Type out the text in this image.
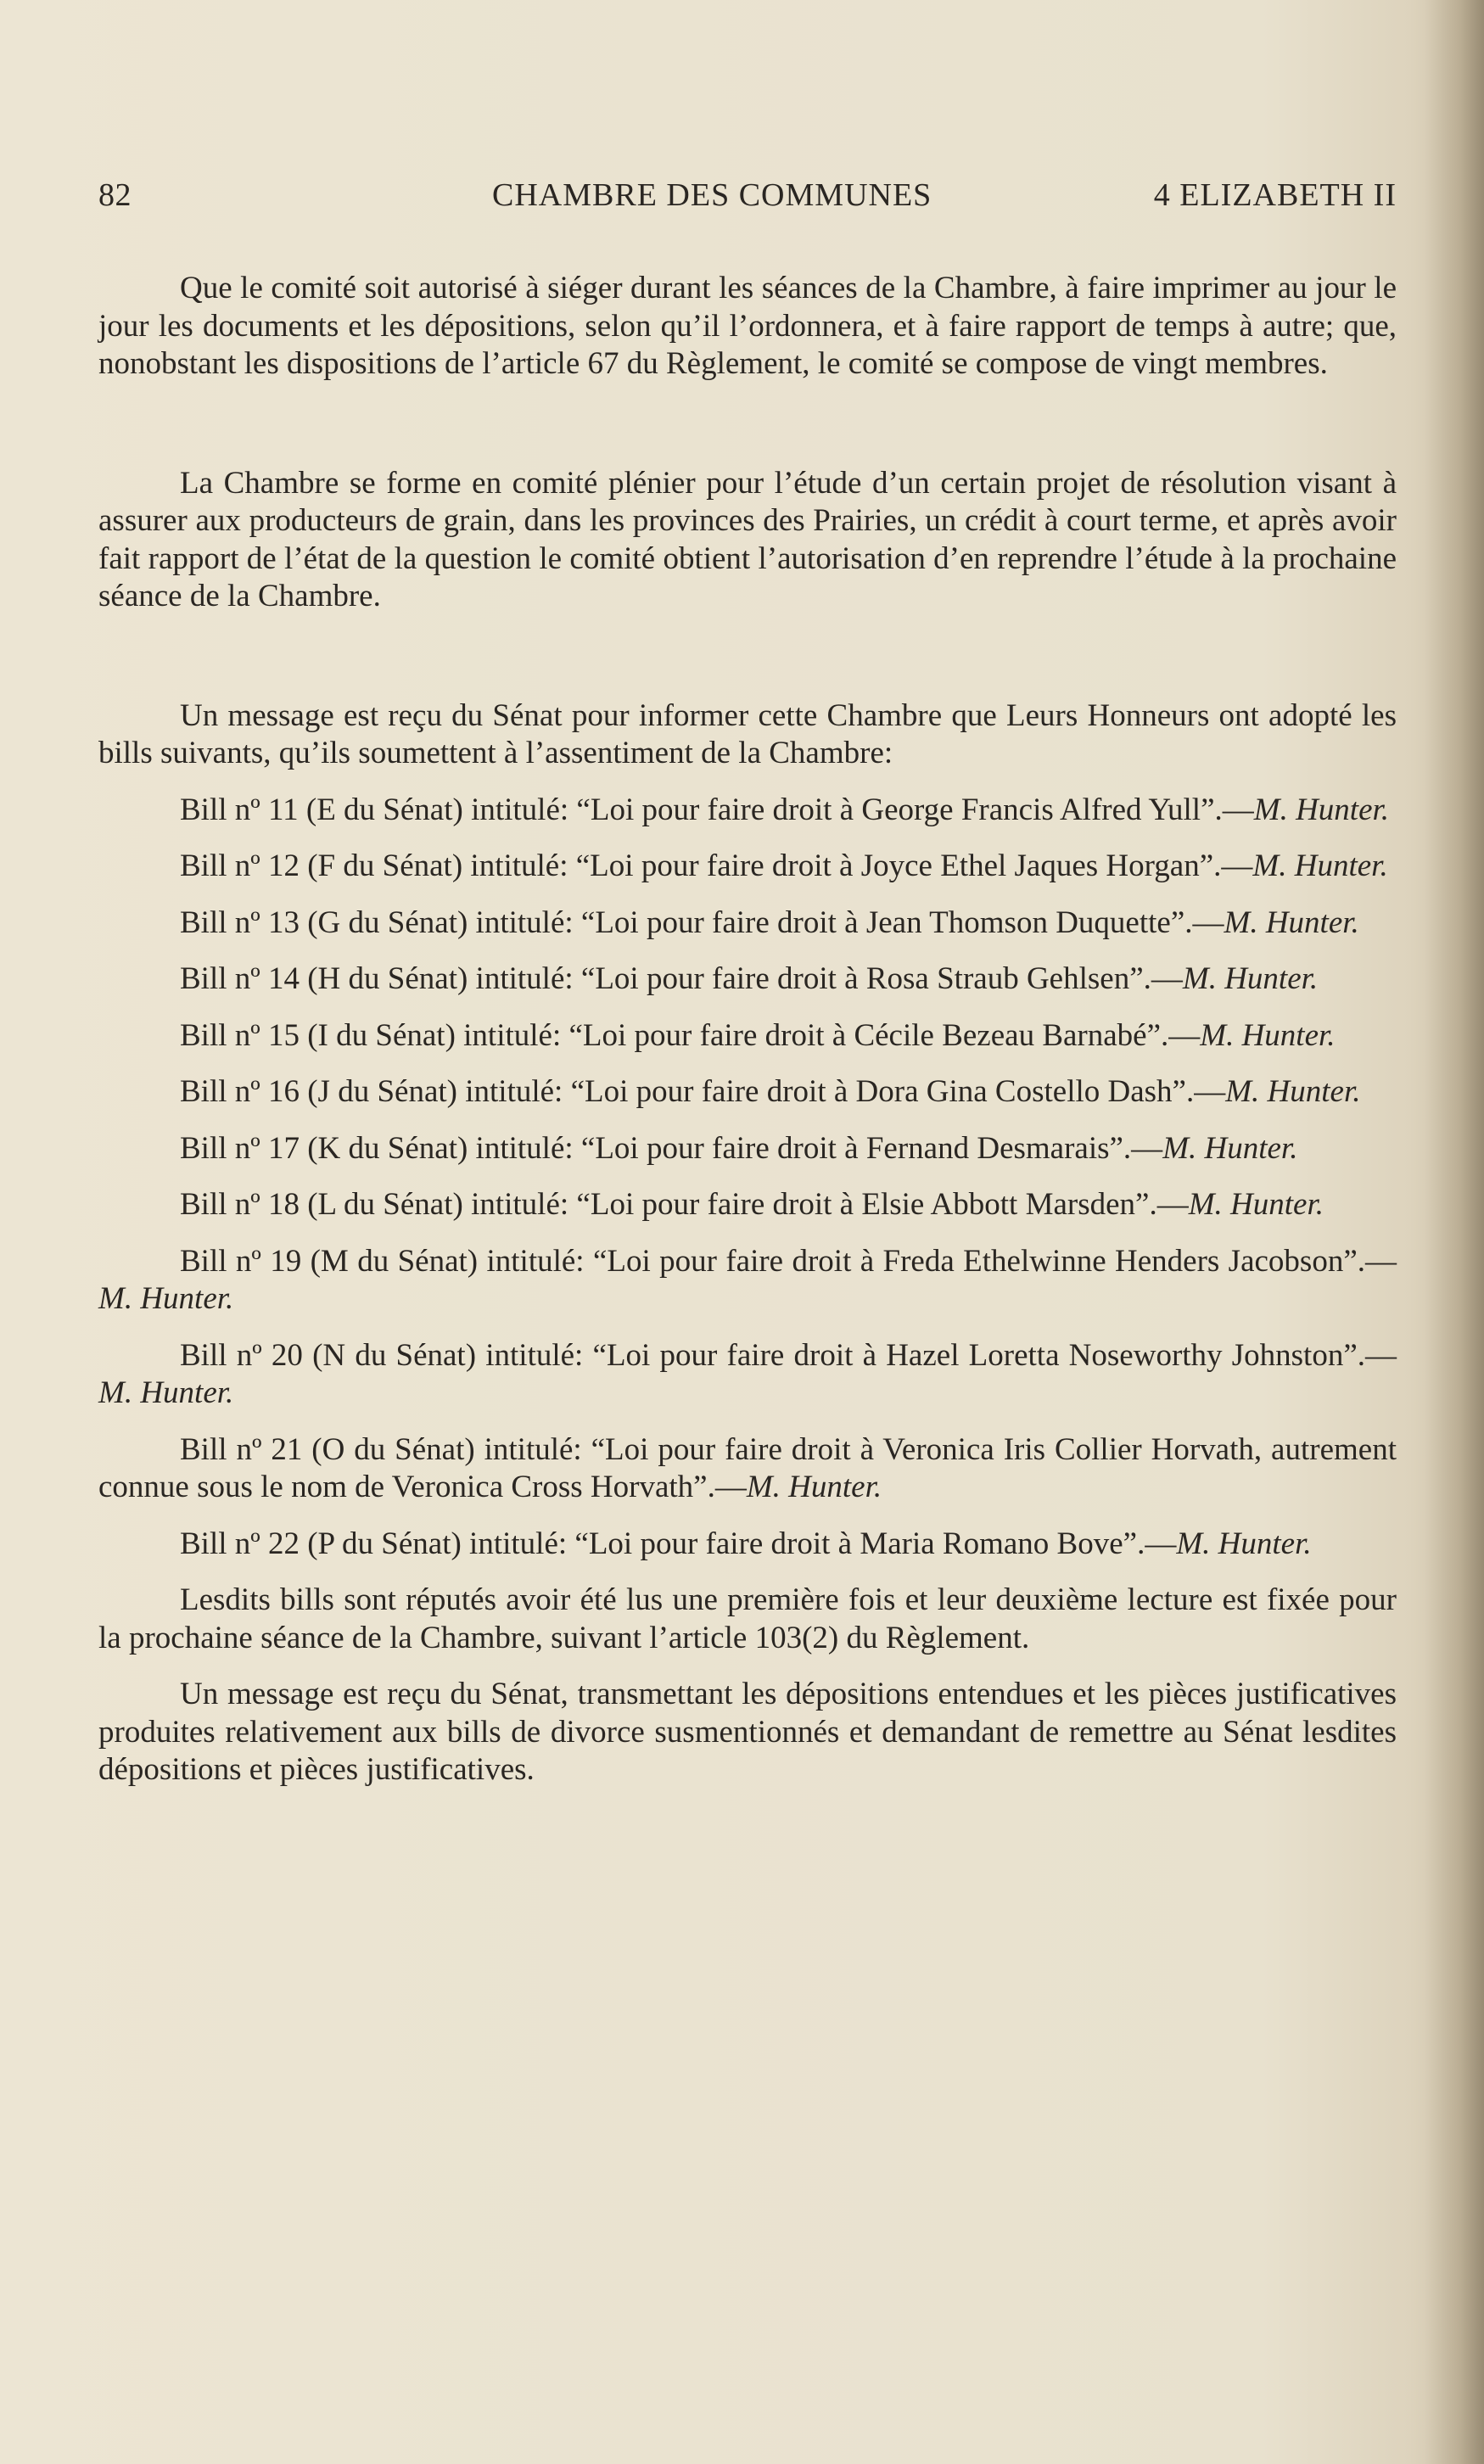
82	CHAMBRE DES COMMUNES	4 ELIZABETH II

Que le comité soit autorisé à siéger durant les séances de la Chambre, à faire imprimer au jour le jour les documents et les dépositions, selon qu’il l’ordonnera, et à faire rapport de temps à autre; que, nonobstant les dispositions de l’article 67 du Règlement, le comité se compose de vingt membres.

La Chambre se forme en comité plénier pour l’étude d’un certain projet de résolution visant à assurer aux producteurs de grain, dans les provinces des Prairies, un crédit à court terme, et après avoir fait rapport de l’état de la question le comité obtient l’autorisation d’en reprendre l’étude à la prochaine séance de la Chambre.

Un message est reçu du Sénat pour informer cette Chambre que Leurs Honneurs ont adopté les bills suivants, qu’ils soumettent à l’assentiment de la Chambre:

Bill nº 11 (E du Sénat) intitulé: “Loi pour faire droit à George Francis Alfred Yull”.—M. Hunter.

Bill nº 12 (F du Sénat) intitulé: “Loi pour faire droit à Joyce Ethel Jaques Horgan”.—M. Hunter.

Bill nº 13 (G du Sénat) intitulé: “Loi pour faire droit à Jean Thomson Duquette”.—M. Hunter.

Bill nº 14 (H du Sénat) intitulé: “Loi pour faire droit à Rosa Straub Gehlsen”.—M. Hunter.

Bill nº 15 (I du Sénat) intitulé: “Loi pour faire droit à Cécile Bezeau Barnabé”.—M. Hunter.

Bill nº 16 (J du Sénat) intitulé: “Loi pour faire droit à Dora Gina Costello Dash”.—M. Hunter.

Bill nº 17 (K du Sénat) intitulé: “Loi pour faire droit à Fernand Desmarais”.—M. Hunter.

Bill nº 18 (L du Sénat) intitulé: “Loi pour faire droit à Elsie Abbott Marsden”.—M. Hunter.

Bill nº 19 (M du Sénat) intitulé: “Loi pour faire droit à Freda Ethelwinne Henders Jacobson”.—M. Hunter.

Bill nº 20 (N du Sénat) intitulé: “Loi pour faire droit à Hazel Loretta Noseworthy Johnston”.—M. Hunter.

Bill nº 21 (O du Sénat) intitulé: “Loi pour faire droit à Veronica Iris Collier Horvath, autrement connue sous le nom de Veronica Cross Horvath”.—M. Hunter.

Bill nº 22 (P du Sénat) intitulé: “Loi pour faire droit à Maria Romano Bove”.—M. Hunter.

Lesdits bills sont réputés avoir été lus une première fois et leur deuxième lecture est fixée pour la prochaine séance de la Chambre, suivant l’article 103(2) du Règlement.

Un message est reçu du Sénat, transmettant les dépositions entendues et les pièces justificatives produites relativement aux bills de divorce susmentionnés et demandant de remettre au Sénat lesdites dépositions et pièces justificatives.
